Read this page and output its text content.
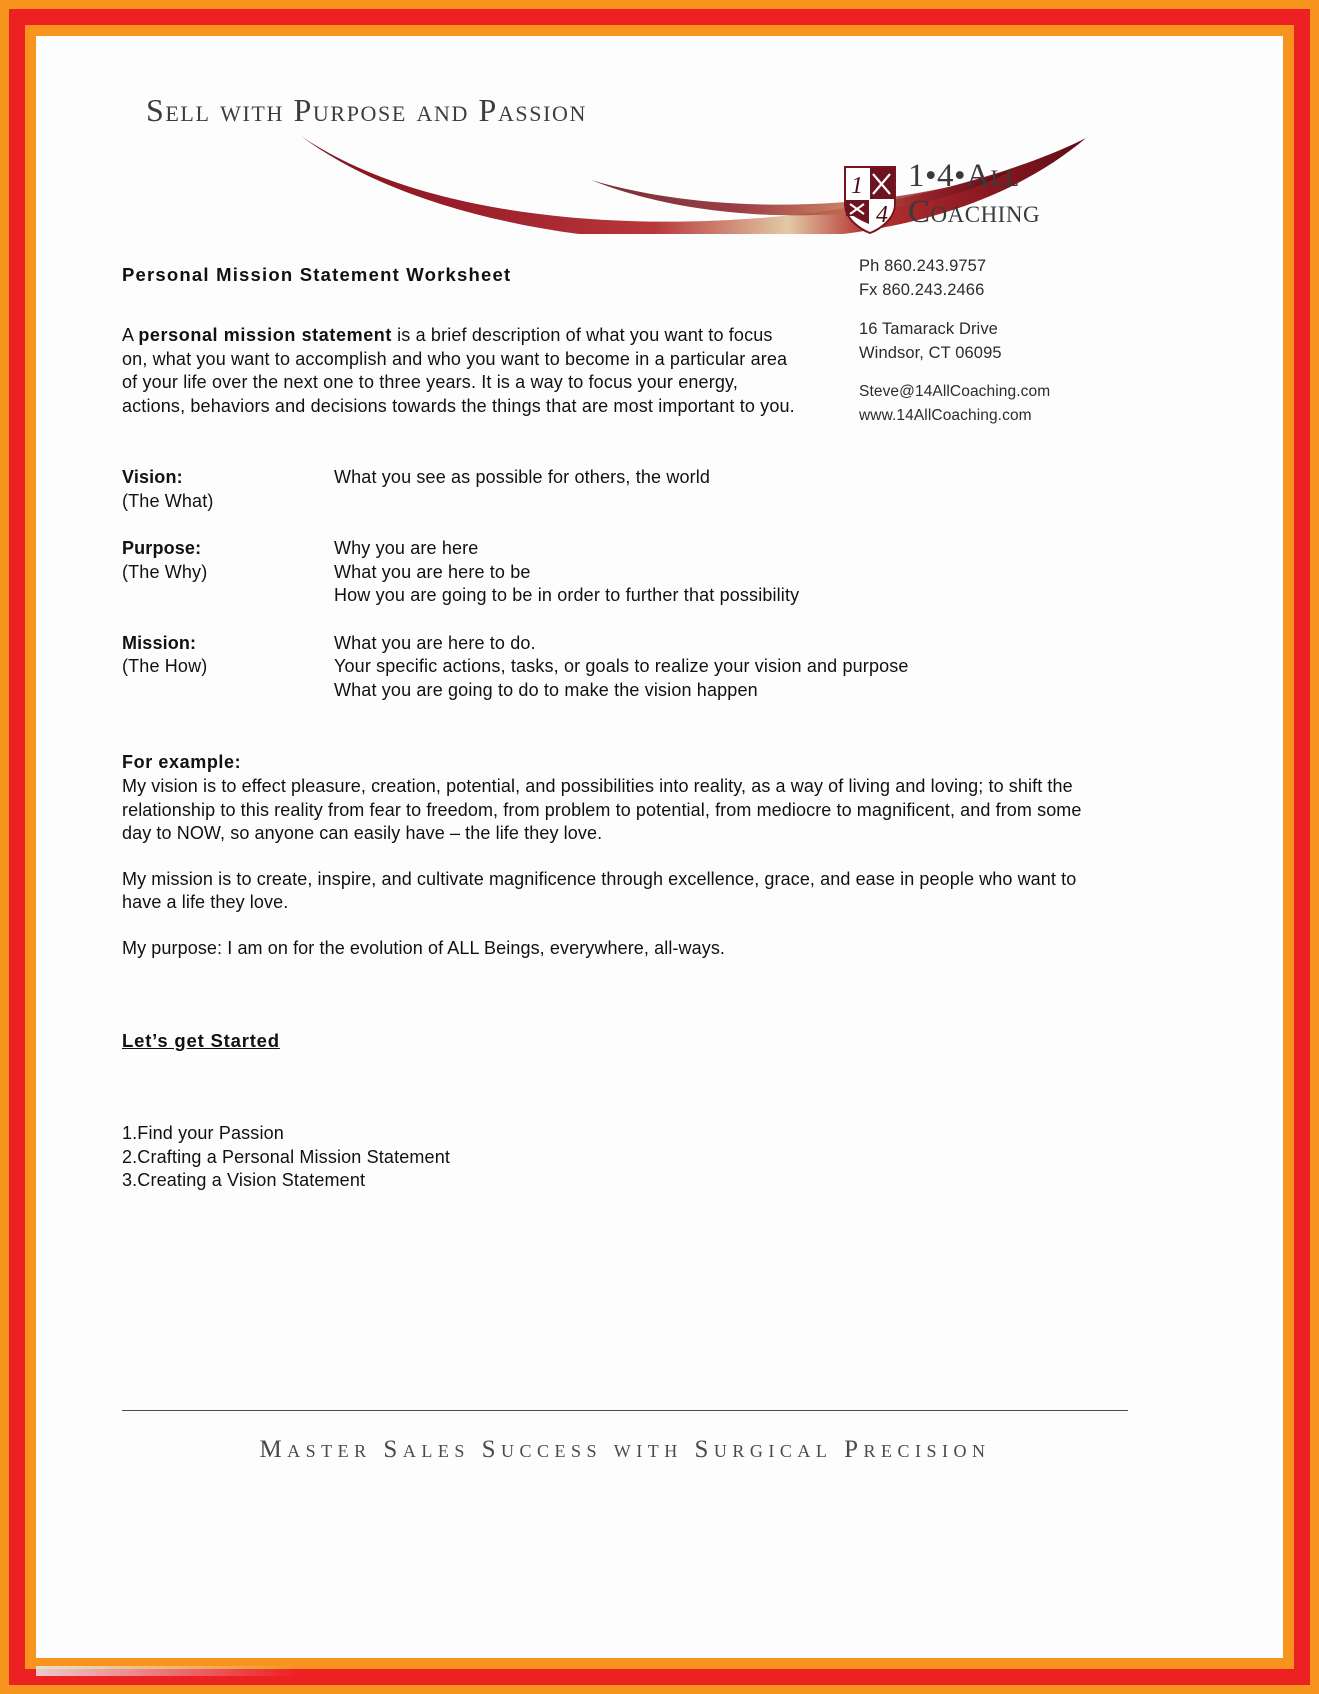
Sell with Purpose and Passion
1
4
1•4•All
Coaching
Ph 860.243.9757
Fx 860.243.2466
16 Tamarack Drive
Windsor, CT 06095
Steve@14AllCoaching.com
www.14AllCoaching.com
Personal Mission Statement Worksheet

A personal mission statement is a brief description of what you want to focus on, what you want to accomplish and who you want to become in a particular area of your life over the next one to three years. It is a way to focus your energy, actions, behaviors and decisions towards the things that are most important to you.

Vision:
(The What)
What you see as possible for others, the world
Purpose:
(The Why)
Why you are here
What you are here to be
How you are going to be in order to further that possibility
Mission:
(The How)
What you are here to do.
Your specific actions, tasks, or goals to realize your vision and purpose
What you are going to do to make the vision happen
For example:

My vision is to effect pleasure, creation, potential, and possibilities into reality, as a way of living and loving; to shift the relationship to this reality from fear to freedom, from problem to potential, from mediocre to magnificent, and from some day to NOW, so anyone can easily have – the life they love.

My mission is to create, inspire, and cultivate magnificence through excellence, grace, and ease in people who want to have a life they love.

My purpose: I am on for the evolution of ALL Beings, everywhere, all-ways.

Let’s get Started
1.Find your Passion
2.Crafting a Personal Mission Statement
3.Creating a Vision Statement
Master Sales Success with Surgical Precision
